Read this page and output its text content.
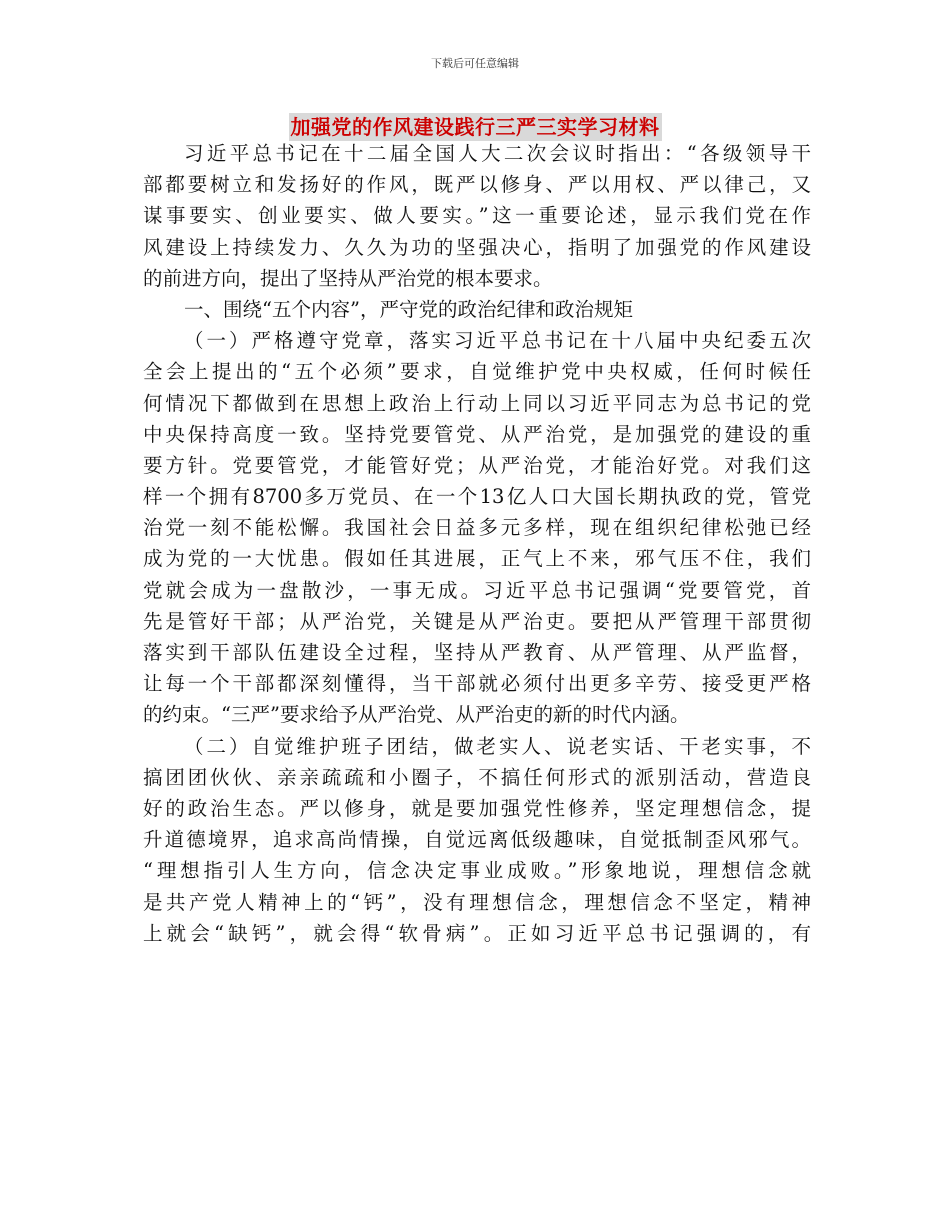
下载后可任意编辑
加强党的作风建设践行三严三实学习材料
习近平总书记在十二届全国人大二次会议时指出：“各级领导干
部都要树立和发扬好的作风，既严以修身、严以用权、严以律己，又
谋事要实、创业要实、做人要实。”这一重要论述，显示我们党在作
风建设上持续发力、久久为功的坚强决心，指明了加强党的作风建设
的前进方向，提出了坚持从严治党的根本要求。
一、围绕“五个内容”，严守党的政治纪律和政治规矩
（一）严格遵守党章，落实习近平总书记在十八届中央纪委五次
全会上提出的“五个必须”要求，自觉维护党中央权威，任何时候任
何情况下都做到在思想上政治上行动上同以习近平同志为总书记的党
中央保持高度一致。坚持党要管党、从严治党，是加强党的建设的重
要方针。党要管党，才能管好党；从严治党，才能治好党。对我们这
样一个拥有8700多万党员、在一个13亿人口大国长期执政的党，管党
治党一刻不能松懈。我国社会日益多元多样，现在组织纪律松弛已经
成为党的一大忧患。假如任其进展，正气上不来，邪气压不住，我们
党就会成为一盘散沙，一事无成。习近平总书记强调“党要管党，首
先是管好干部；从严治党，关键是从严治吏。要把从严管理干部贯彻
落实到干部队伍建设全过程，坚持从严教育、从严管理、从严监督，
让每一个干部都深刻懂得，当干部就必须付出更多辛劳、接受更严格
的约束。“三严”要求给予从严治党、从严治吏的新的时代内涵。
（二）自觉维护班子团结，做老实人、说老实话、干老实事，不
搞团团伙伙、亲亲疏疏和小圈子，不搞任何形式的派别活动，营造良
好的政治生态。严以修身，就是要加强党性修养，坚定理想信念，提
升道德境界，追求高尚情操，自觉远离低级趣味，自觉抵制歪风邪气。
“理想指引人生方向，信念决定事业成败。”形象地说，理想信念就
是共产党人精神上的“钙”，没有理想信念，理想信念不坚定，精神
上就会“缺钙”，就会得“软骨病”。正如习近平总书记强调的，有
